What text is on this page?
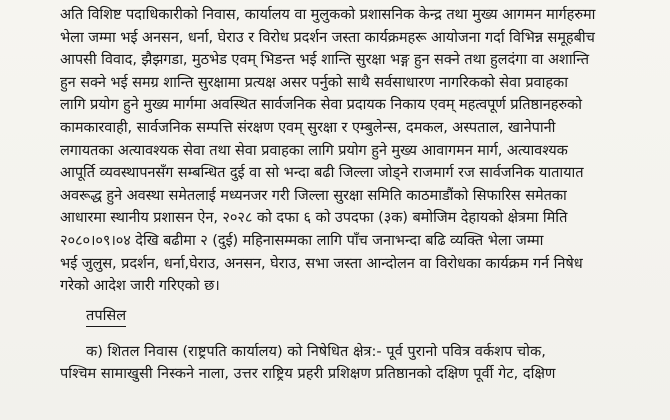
अति विशिष्ट पदाधिकारीको निवास, कार्यालय वा मुलुकको प्रशासनिक केन्द्र तथा मुख्य आगमन मार्गहरुमा
भेला जम्मा भई अनसन, धर्ना, घेराउ र विरोध प्रदर्शन जस्ता कार्यक्रमहरू आयोजना गर्दा विभिन्न समूहबीच
आपसी विवाद, झैझगडा, मुठभेड एवम् भिडन्त भई शान्ति सुरक्षा भङ्ग हुन सक्ने तथा हुलदंगा वा अशान्ति
हुन सक्ने भई समग्र शान्ति सुरक्षामा प्रत्यक्ष असर पर्नुको साथै सर्वसाधारण नागरिकको सेवा प्रवाहका
लागि प्रयोग हुने मुख्य मार्गमा अवस्थित सार्वजनिक सेवा प्रदायक निकाय एवम् महत्वपूर्ण प्रतिष्ठानहरुको
कामकारवाही, सार्वजनिक सम्पत्ति संरक्षण एवम् सुरक्षा र एम्बुलेन्स, दमकल, अस्पताल, खानेपानी
लगायतका अत्यावश्यक सेवा तथा सेवा प्रवाहका लागि प्रयोग हुने मुख्य आवागमन मार्ग, अत्यावश्यक
आपूर्ति व्यवस्थापनसँग सम्बन्धित दुई वा सो भन्दा बढी जिल्ला जोड्ने राजमार्ग रज सार्वजनिक यातायात
अवरूद्ध हुने अवस्था समेतलाई मध्यनजर गरी जिल्ला सुरक्षा समिति काठमाडौंको सिफारिस समेतका
आधारमा स्थानीय प्रशासन ऐन, २०२८ को दफा ६ को उपदफा (३क) बमोजिम देहायको क्षेत्रमा मिति
२०८०।०९।०४ देखि बढीमा २ (दुई) महिनासम्मका लागि पाँच जनाभन्दा बढि व्यक्ति भेला जम्मा
भई जुलुस, प्रदर्शन, धर्ना,घेराउ, अनसन, घेराउ, सभा जस्ता आन्दोलन वा विरोधका कार्यक्रम गर्न निषेध
गरेको आदेश जारी गरिएको छ।
तपसिल
क) शितल निवास (राष्ट्रपति कार्यालय) को निषेधित क्षेत्र:- पूर्व पुरानो पवित्र वर्कशप चोक,
पश्चिम सामाखुसी निस्कने नाला, उत्तर राष्ट्रिय प्रहरी प्रशिक्षण प्रतिष्ठानको दक्षिण पूर्वी गेट, दक्षिण
